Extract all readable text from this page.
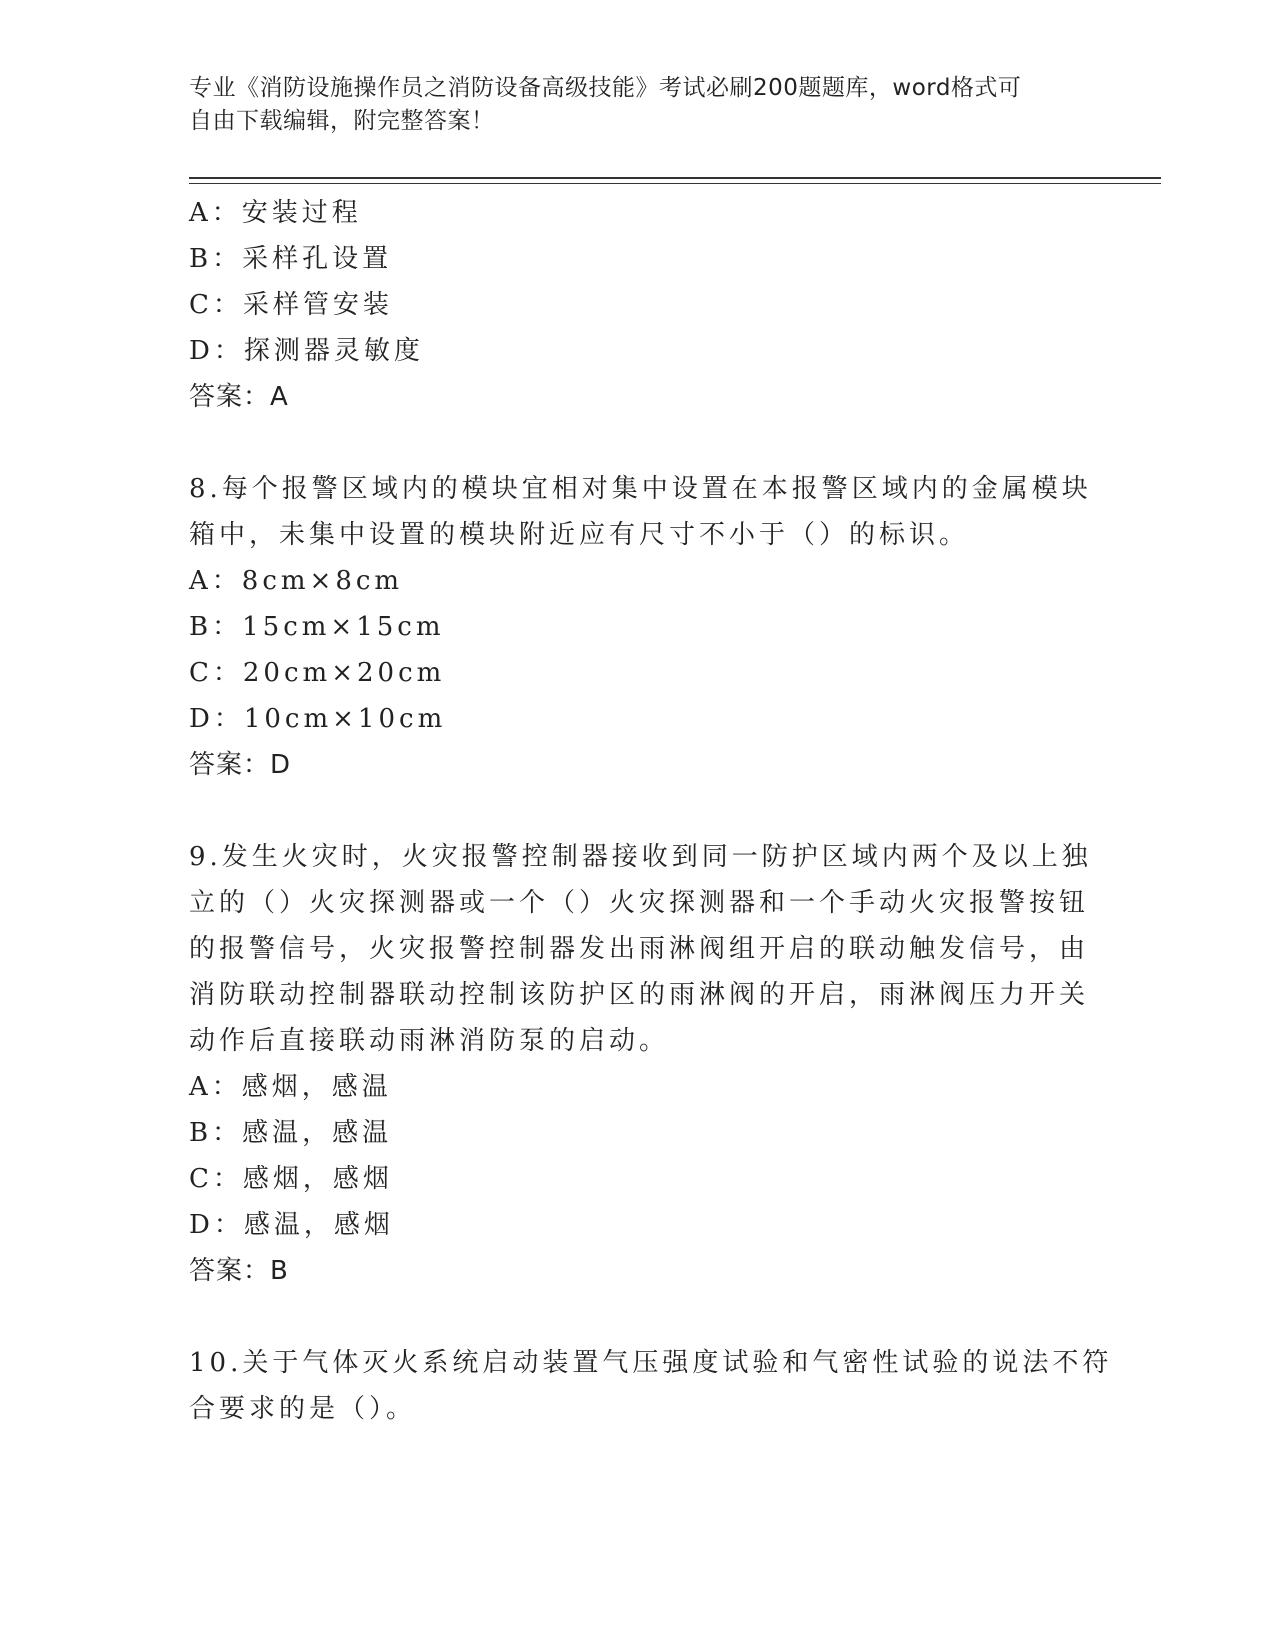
专业《消防设施操作员之消防设备高级技能》考试必刷200题题库，word格式可
自由下载编辑，附完整答案！
A：安装过程
B：采样孔设置
C：采样管安装
D：探测器灵敏度
答案：A
8.每个报警区域内的模块宜相对集中设置在本报警区域内的金属模块
箱中，未集中设置的模块附近应有尺寸不小于（）的标识。
A：8cm×8cm
B：15cm×15cm
C：20cm×20cm
D：10cm×10cm
答案：D
9.发生火灾时，火灾报警控制器接收到同一防护区域内两个及以上独
立的（）火灾探测器或一个（）火灾探测器和一个手动火灾报警按钮
的报警信号，火灾报警控制器发出雨淋阀组开启的联动触发信号，由
消防联动控制器联动控制该防护区的雨淋阀的开启，雨淋阀压力开关
动作后直接联动雨淋消防泵的启动。
A：感烟，感温
B：感温，感温
C：感烟，感烟
D：感温，感烟
答案：B
10.关于气体灭火系统启动装置气压强度试验和气密性试验的说法不符
合要求的是（）。
